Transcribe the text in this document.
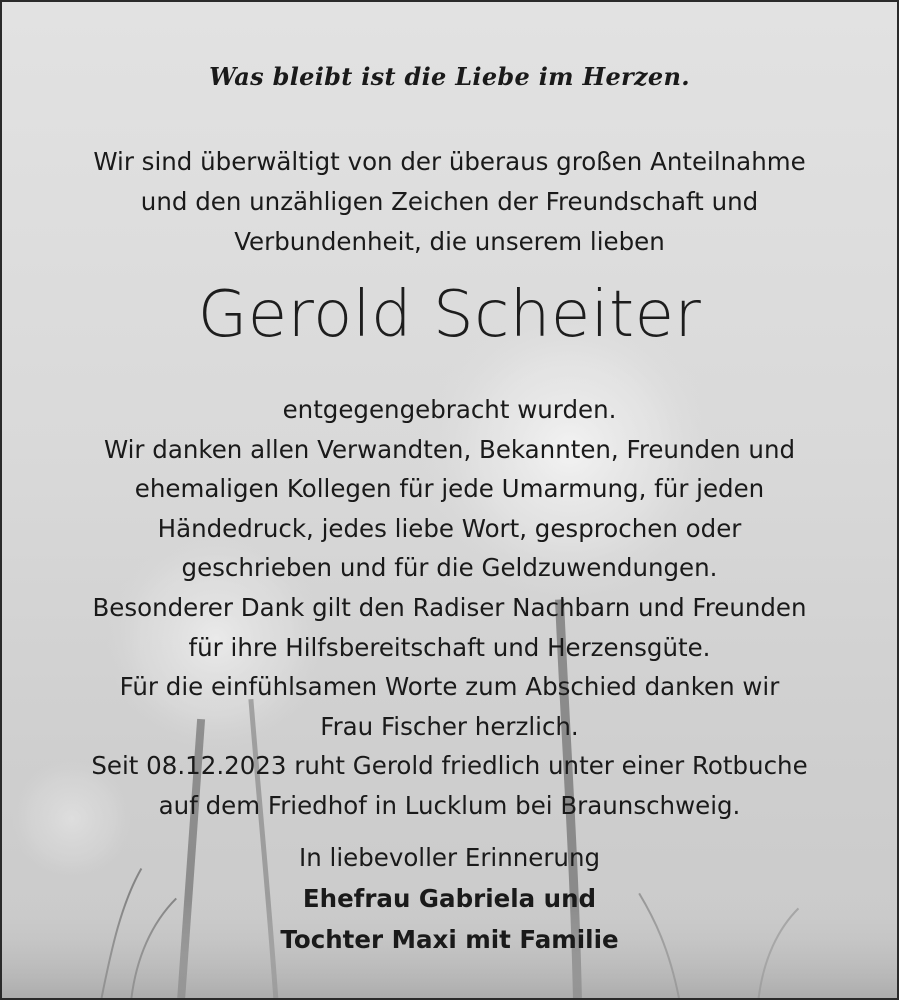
Was bleibt ist die Liebe im Herzen.
Wir sind überwältigt von der überaus großen Anteilnahme
und den unzähligen Zeichen der Freundschaft und
Verbundenheit, die unserem lieben
Gerold Scheiter
entgegengebracht wurden.
Wir danken allen Verwandten, Bekannten, Freunden und
ehemaligen Kollegen für jede Umarmung, für jeden
Händedruck, jedes liebe Wort, gesprochen oder
geschrieben und für die Geldzuwendungen.
Besonderer Dank gilt den Radiser Nachbarn und Freunden
für ihre Hilfsbereitschaft und Herzensgüte.
Für die einfühlsamen Worte zum Abschied danken wir
Frau Fischer herzlich.
Seit 08.12.2023 ruht Gerold friedlich unter einer Rotbuche
auf dem Friedhof in Lucklum bei Braunschweig.
In liebevoller Erinnerung
Ehefrau Gabriela und
Tochter Maxi mit Familie
